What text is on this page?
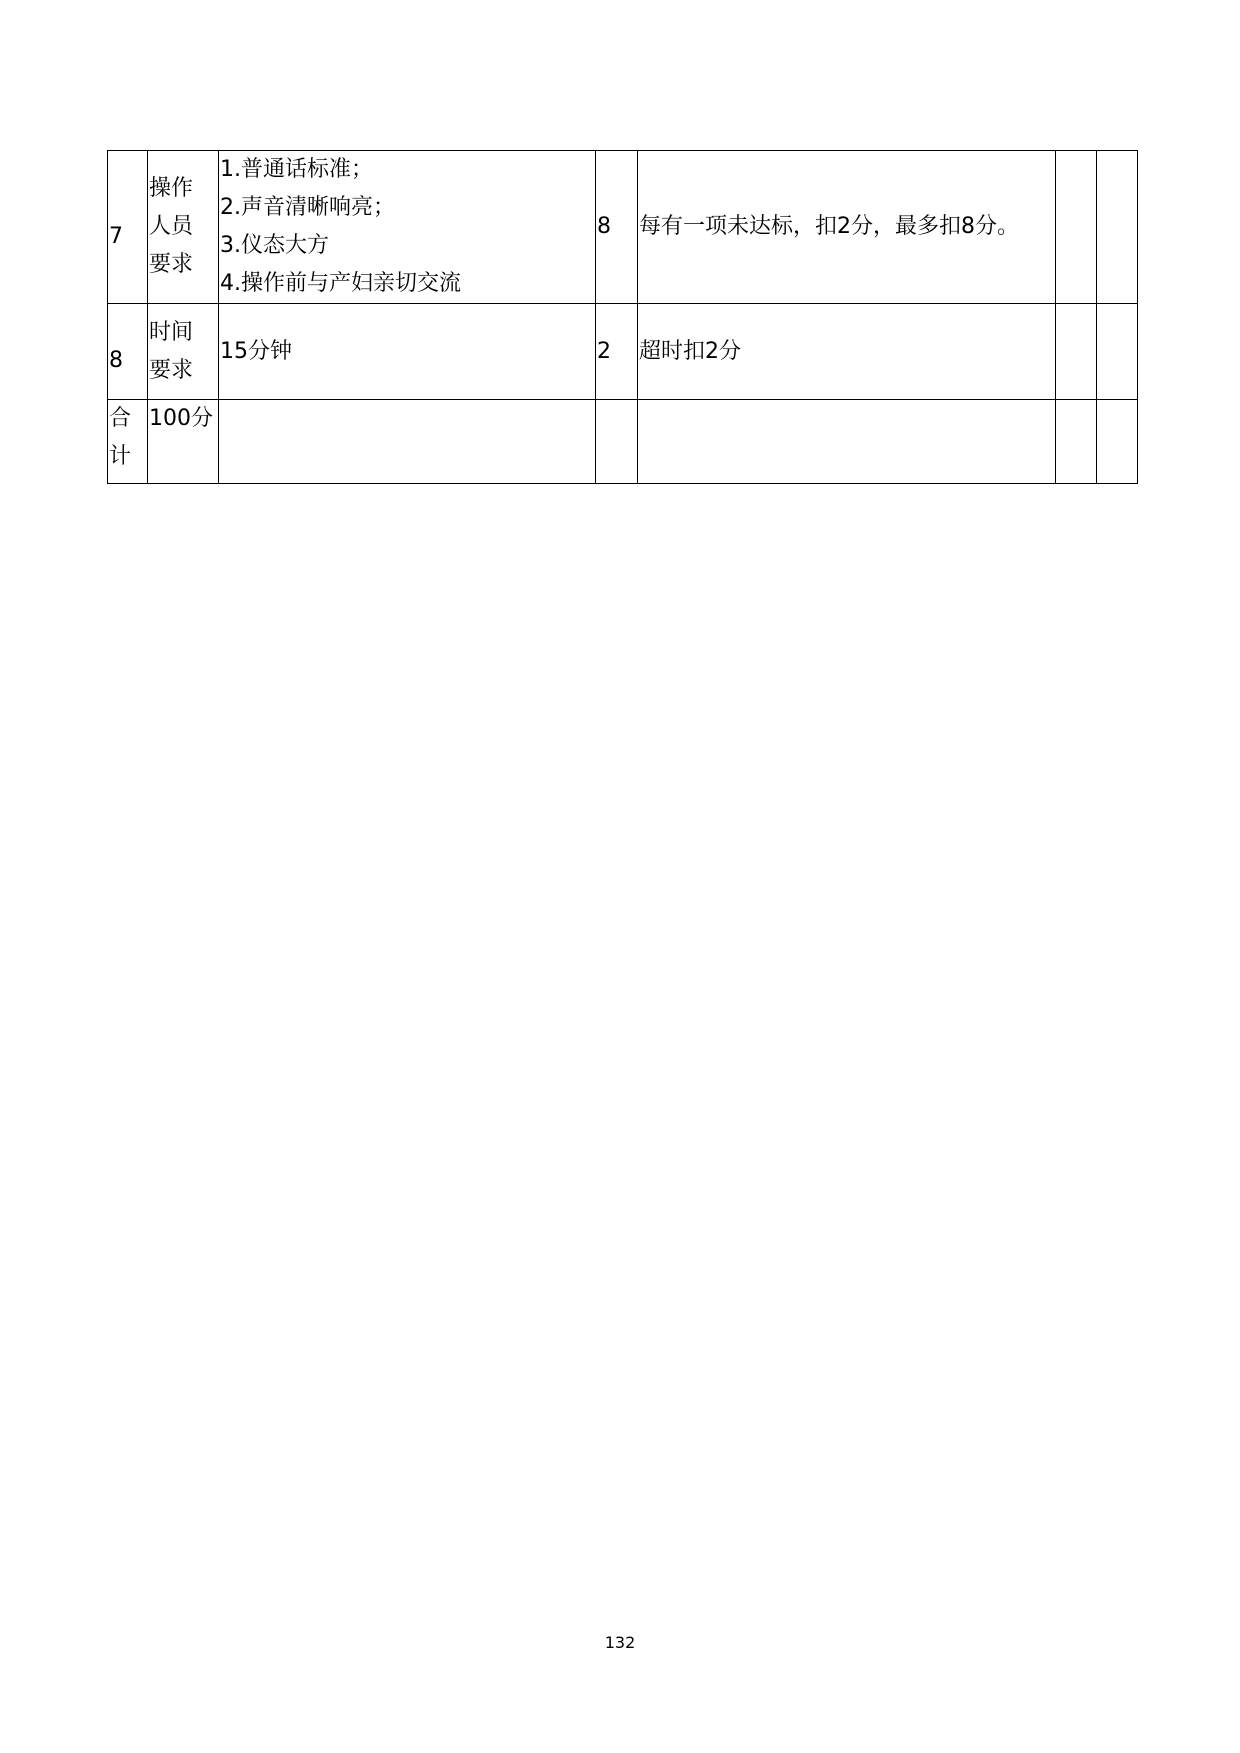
7	操作
人员
要求	1.普通话标准；
2.声音清晰响亮；
3.仪态大方
4.操作前与产妇亲切交流	8	每有一项未达标，扣2分，最多扣8分。		
8	时间
要求	15分钟	2	超时扣2分		

合
计	100分					
132
